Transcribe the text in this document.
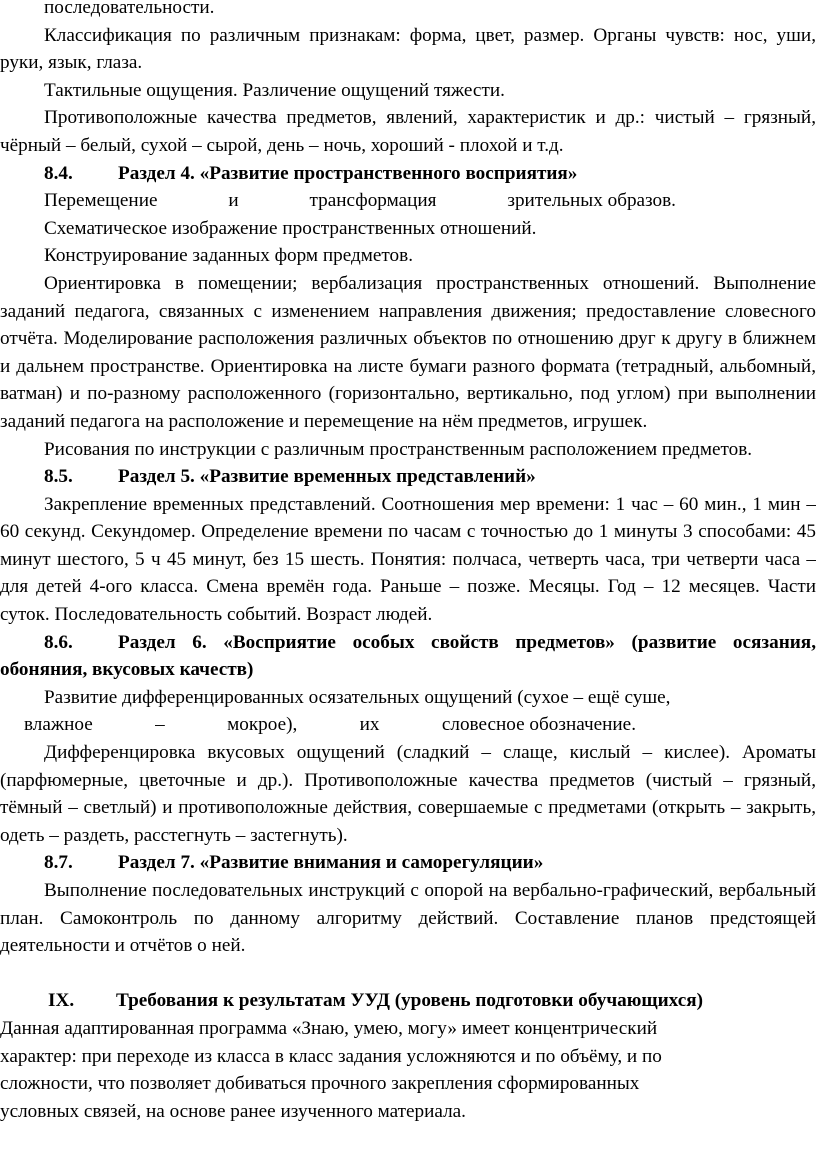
последовательности.

Классификация по различным признакам: форма, цвет, размер. Органы чувств: нос, уши, руки, язык, глаза.

Тактильные ощущения. Различение ощущений тяжести.

Противоположные качества предметов, явлений, характеристик и др.: чистый – грязный, чёрный – белый, сухой – сырой, день – ночь, хороший - плохой и т.д.

8.4.	Раздел 4. «Развитие пространственного восприятия»
Перемещение	и	трансформация	зрительных образов.

Схематическое изображение пространственных отношений.

Конструирование заданных форм предметов.

Ориентировка в помещении; вербализация пространственных отношений. Выполнение заданий педагога, связанных с изменением направления движения; предоставление словесного отчёта. Моделирование расположения различных объектов по отношению друг к другу в ближнем и дальнем пространстве. Ориентировка на листе бумаги разного формата (тетрадный, альбомный, ватман) и по-разному расположенного (горизонтально, вертикально, под углом) при выполнении заданий педагога на расположение и перемещение на нём предметов, игрушек.

Рисования по инструкции с различным пространственным расположением предметов.

8.5.	Раздел 5. «Развитие временных представлений»

Закрепление временных представлений. Соотношения мер времени: 1 час – 60 мин., 1 мин – 60 секунд. Секундомер. Определение времени по часам с точностью до 1 минуты 3 способами: 45 минут шестого, 5 ч 45 минут, без 15 шесть. Понятия: полчаса, четверть часа, три четверти часа – для детей 4-ого класса. Смена времён года. Раньше – позже. Месяцы. Год – 12 месяцев. Части суток. Последовательность событий. Возраст людей.

8.6. Раздел 6. «Восприятие особых свойств предметов» (развитие осязания, обоняния, вкусовых качеств)

Развитие дифференцированных осязательных ощущений (сухое – ещё суше,

влажное	–	мокрое),	их	словесное обозначение.

Дифференцировка вкусовых ощущений (сладкий – слаще, кислый – кислее). Ароматы (парфюмерные, цветочные и др.). Противоположные качества предметов (чистый – грязный, тёмный – светлый) и противоположные действия, совершаемые с предметами (открыть – закрыть, одеть – раздеть, расстегнуть – застегнуть).

8.7.	Раздел 7. «Развитие внимания и саморегуляции»

Выполнение последовательных инструкций с опорой на вербально-графический, вербальный план. Самоконтроль по данному алгоритму действий. Составление планов предстоящей деятельности и отчётов о ней.

IX.	Требования к результатам УУД (уровень подготовки обучающихся)
Данная адаптированная программа «Знаю, умею, могу» имеет концентрический
характер: при переходе из класса в класс задания усложняются и по объёму, и по
сложности, что позволяет добиваться прочного закрепления сформированных
условных связей, на основе ранее изученного материала.
